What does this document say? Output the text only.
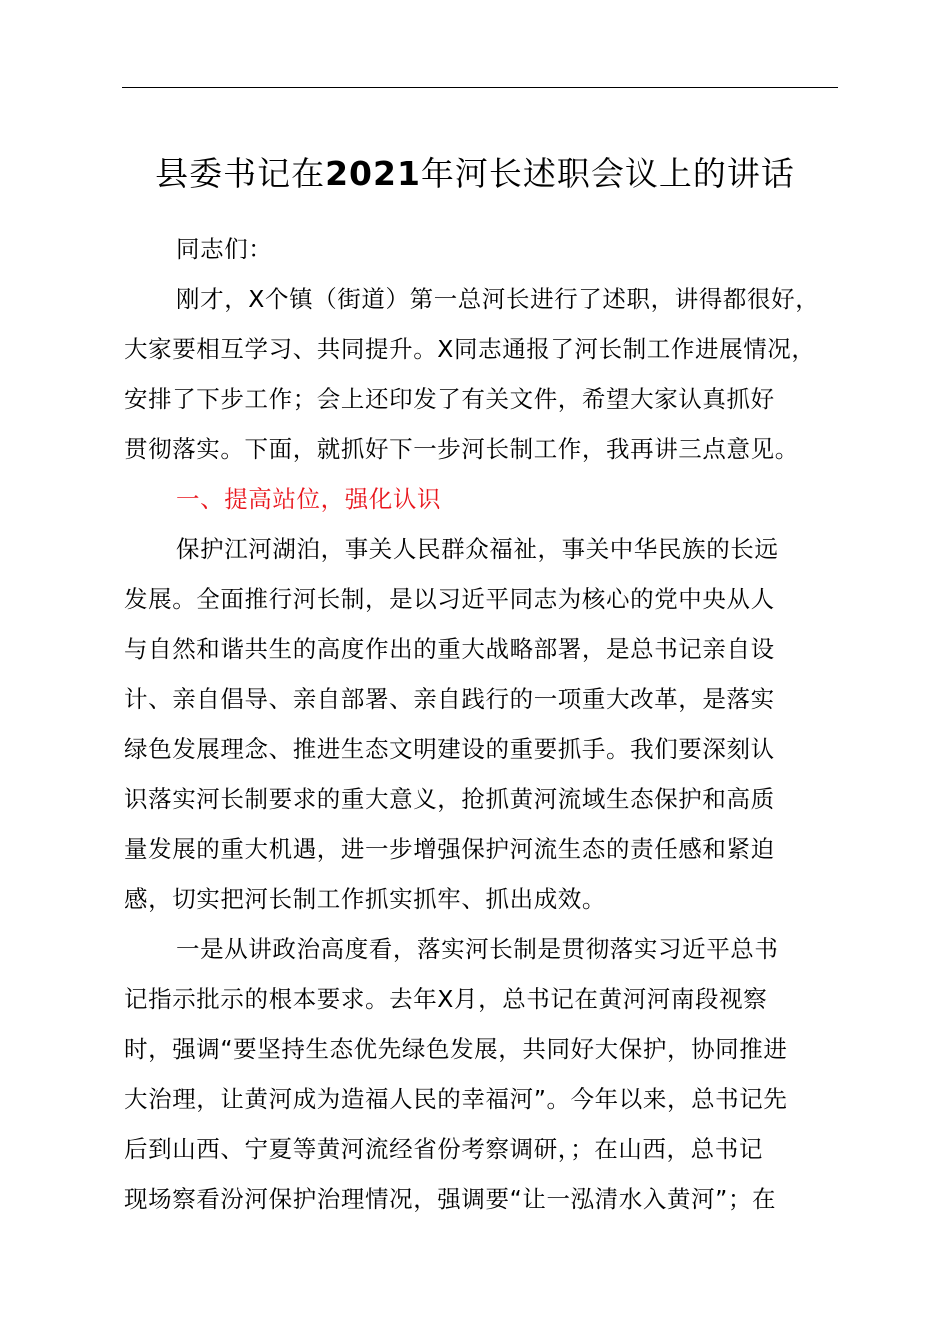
县委书记在2021年河长述职会议上的讲话
同志们：
刚才，X个镇（街道）第一总河长进行了述职，讲得都很好，
大家要相互学习、共同提升。X同志通报了河长制工作进展情况，
安排了下步工作；会上还印发了有关文件，希望大家认真抓好
贯彻落实。下面，就抓好下一步河长制工作，我再讲三点意见。
一、提高站位，强化认识
保护江河湖泊，事关人民群众福祉，事关中华民族的长远
发展。全面推行河长制，是以习近平同志为核心的党中央从人
与自然和谐共生的高度作出的重大战略部署，是总书记亲自设
计、亲自倡导、亲自部署、亲自践行的一项重大改革，是落实
绿色发展理念、推进生态文明建设的重要抓手。我们要深刻认
识落实河长制要求的重大意义，抢抓黄河流域生态保护和高质
量发展的重大机遇，进一步增强保护河流生态的责任感和紧迫
感，切实把河长制工作抓实抓牢、抓出成效。
一是从讲政治高度看，落实河长制是贯彻落实习近平总书
记指示批示的根本要求。去年X月，总书记在黄河河南段视察
时，强调“要坚持生态优先绿色发展，共同好大保护，协同推进
大治理，让黄河成为造福人民的幸福河”。今年以来，总书记先
后到山西、宁夏等黄河流经省份考察调研，；在山西，总书记
现场察看汾河保护治理情况，强调要“让一泓清水入黄河”；在
